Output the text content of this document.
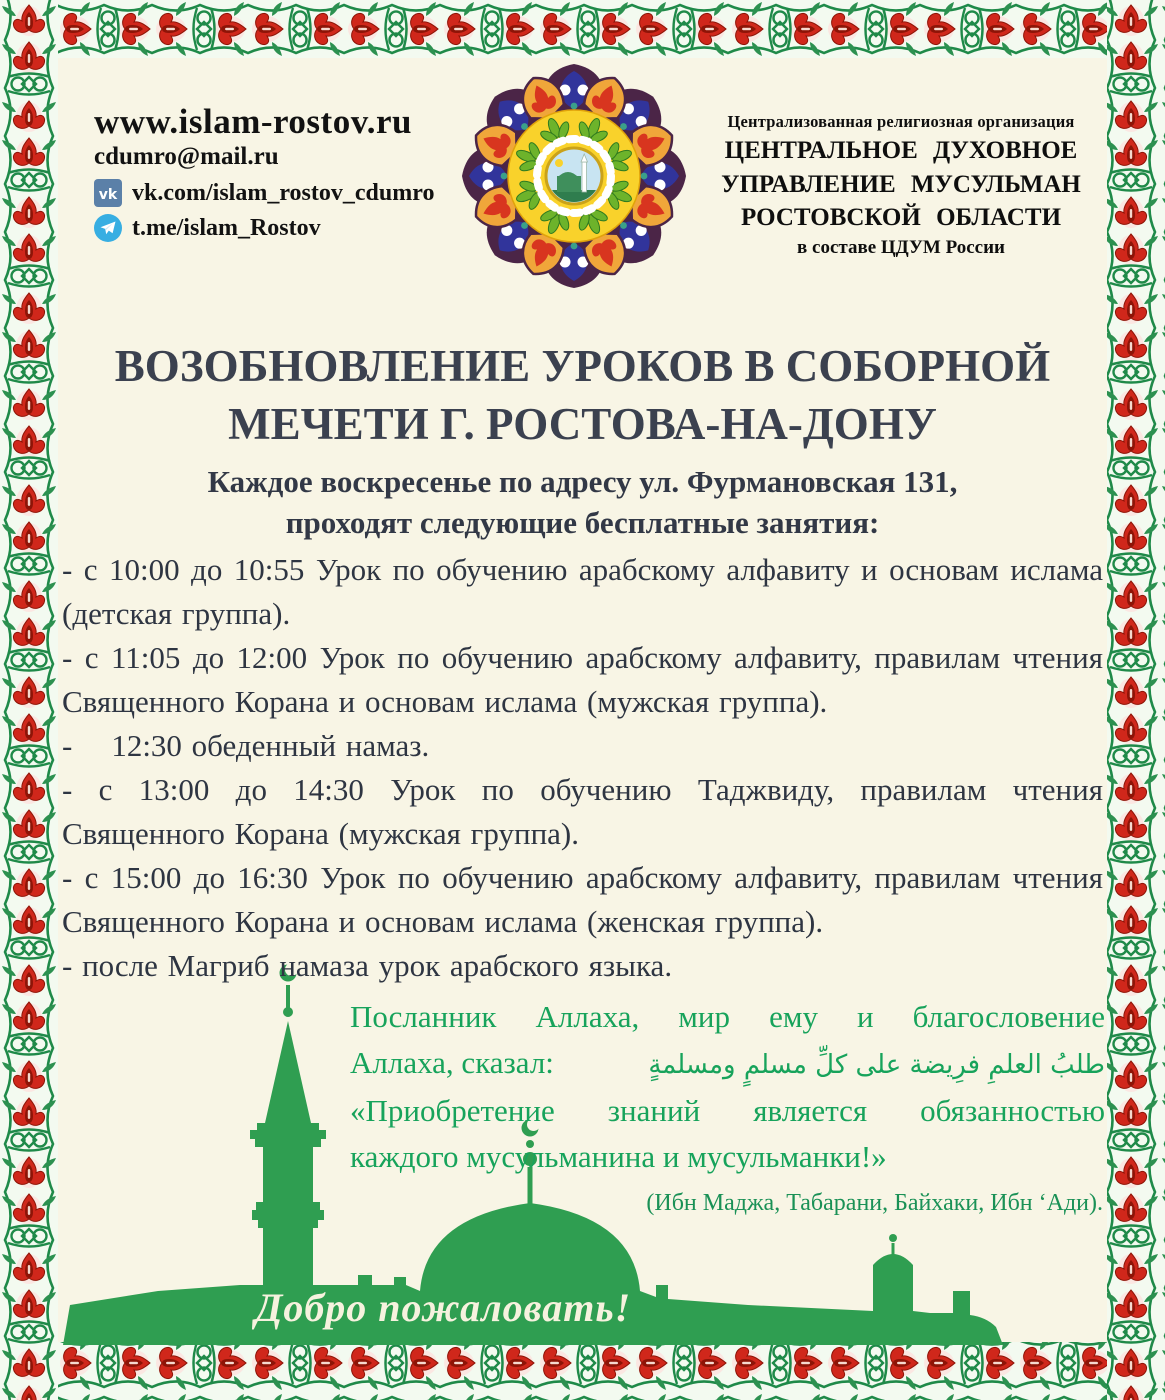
www.islam-rostov.ru
cdumro@mail.ru
vk vk.com/islam_rostov_cdumro
t.me/islam_Rostov
Централизованная религиозная организация
ЦЕНТРАЛЬНОЕ ДУХОВНОЕ
УПРАВЛЕНИЕ МУСУЛЬМАН
РОСТОВСКОЙ ОБЛАСТИ
в составе ЦДУМ России
ВОЗОБНОВЛЕНИЕ УРОКОВ В СОБОРНОЙ
МЕЧЕТИ Г. РОСТОВА-НА-ДОНУ
Каждое воскресенье по адресу ул. Фурмановская 131,
проходят следующие бесплатные занятия:

- с 10:00 до 10:55 Урок по обучению арабскому алфавиту и основам ислама (детская группа).

- с 11:05 до 12:00 Урок по обучению арабскому алфавиту, правилам чтения Священного Корана и основам ислама (мужская группа).

-    12:30 обеденный намаз.

- с 13:00 до 14:30 Урок по обучению Таджвиду, правилам чтения Священного Корана (мужская группа).

- с 15:00 до 16:30 Урок по обучению арабскому алфавиту, правилам чтения Священного Корана и основам ислама (женская группа).

- после Магриб намаза урок арабского языка.

Посланник Аллаха, мир ему и благословение
Аллаха, сказал:	طلبُ العلمِ فرِيضة على كلِّ مسلمٍ ومسلمةٍ
«Приобретение знаний является обязанностью
каждого мусульманина и мусульманки!»
(Ибн Маджа, Табарани, Байхаки, Ибн ‘Ади).
Добро пожаловать!
